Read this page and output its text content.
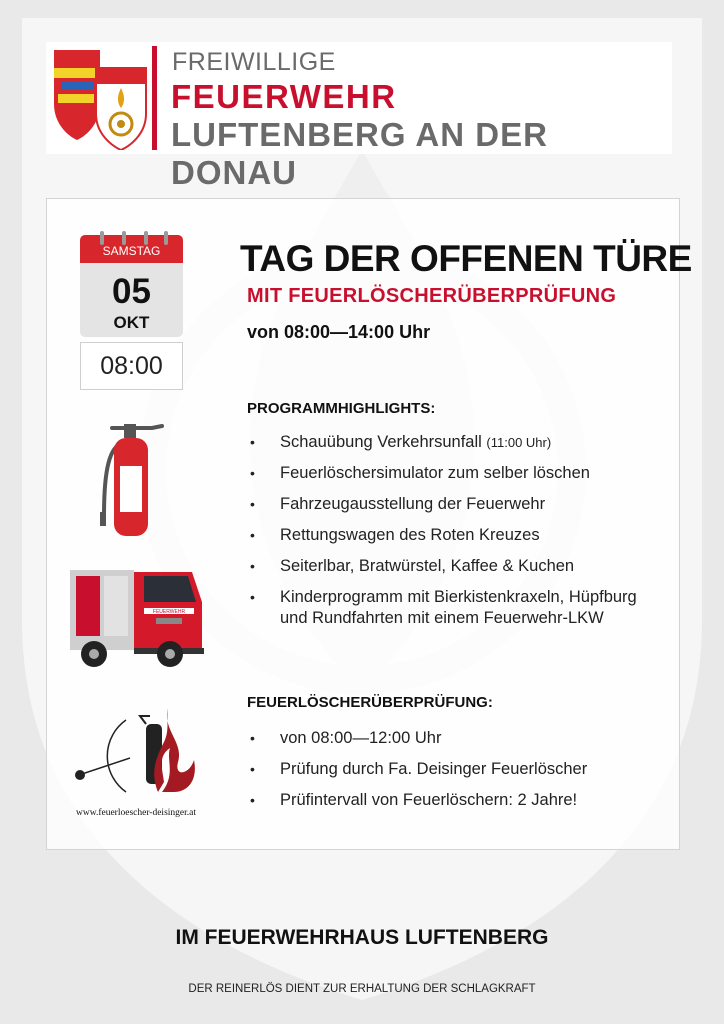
FREIWILLIGE
FEUERWEHR
LUFTENBERG AN DER DONAU
SAMSTAG
05
OKT
08:00
TAG DER OFFENEN TÜRE
MIT FEUERLÖSCHERÜBERPRÜFUNG
von 08:00—14:00 Uhr
PROGRAMMHIGHLIGHTS:
• Schauübung Verkehrsunfall (11:00 Uhr)
• Feuerlöschersimulator zum selber löschen
• Fahrzeugausstellung der Feuerwehr
• Rettungswagen des Roten Kreuzes
• Seiterlbar, Bratwürstel, Kaffee & Kuchen
• Kinderprogramm mit Bierkistenkraxeln, Hüpfburg und Rundfahrten mit einem Feuerwehr-LKW
FEUERLÖSCHERÜBERPRÜFUNG:
• von 08:00—12:00 Uhr
• Prüfung durch Fa. Deisinger Feuerlöscher
• Prüfintervall von Feuerlöschern: 2 Jahre!
FEUERWEHR
www.feuerloescher-deisinger.at
IM FEUERWEHRHAUS LUFTENBERG
DER REINERLÖS DIENT ZUR ERHALTUNG DER SCHLAGKRAFT
